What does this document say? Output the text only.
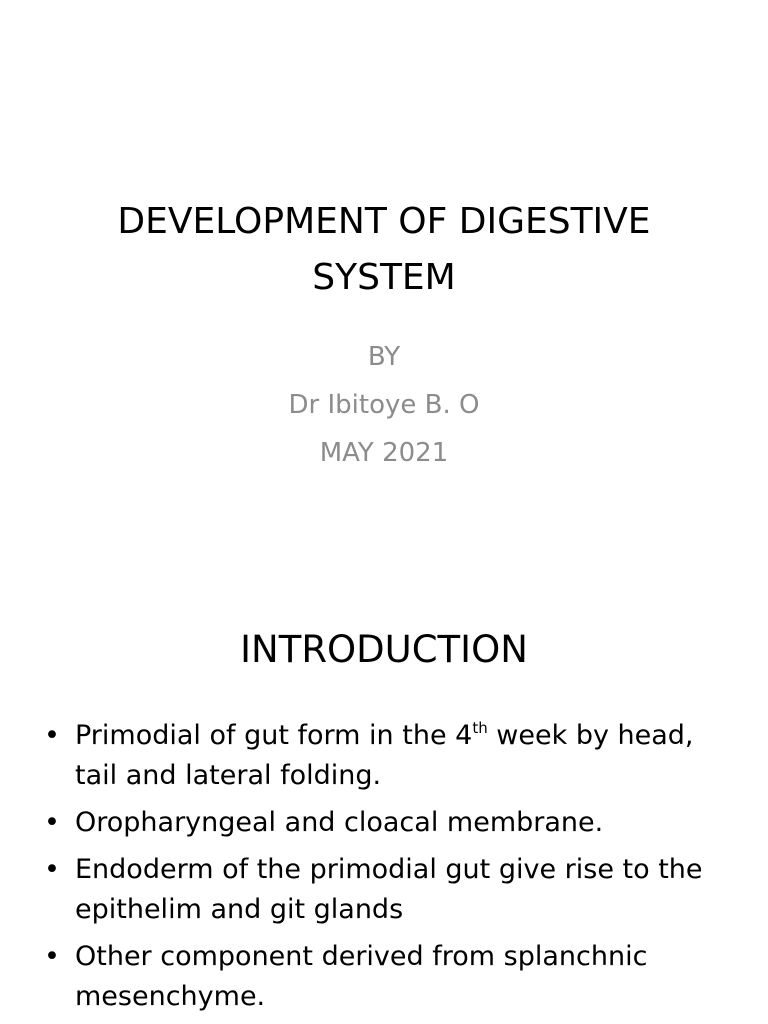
DEVELOPMENT OF DIGESTIVE SYSTEM
BY
Dr Ibitoye B. O
MAY 2021
INTRODUCTION
• Primodial of gut form in the 4th week by head, tail and lateral folding.
• Oropharyngeal and cloacal membrane.
• Endoderm of the primodial gut give rise to the epithelim and git glands
• Other component derived from splanchnic mesenchyme.
